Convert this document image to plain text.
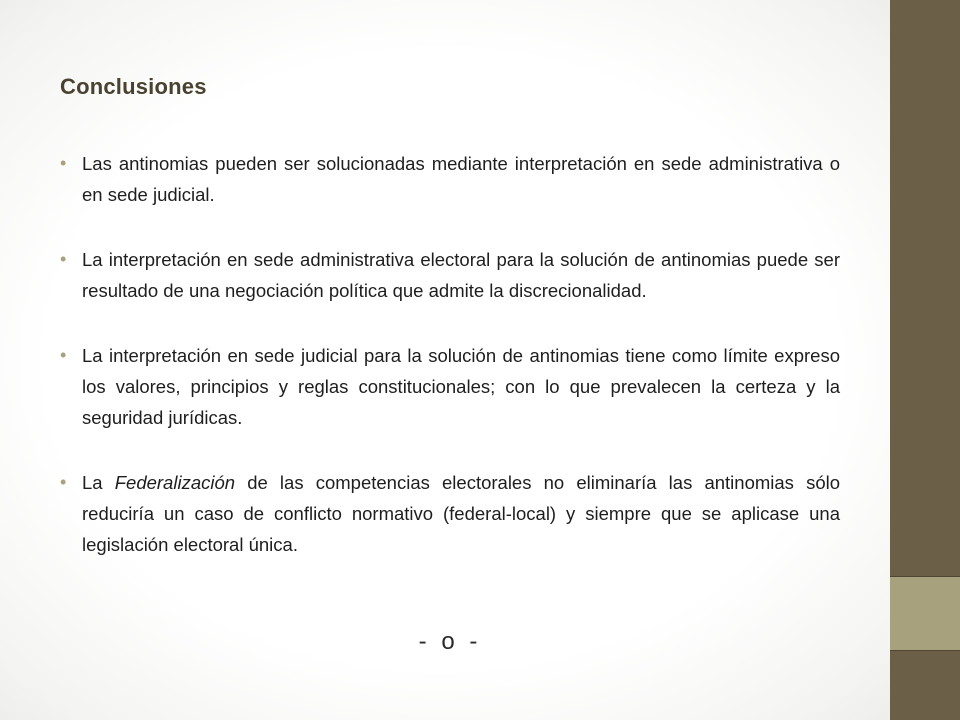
Conclusiones
• Las antinomias pueden ser solucionadas mediante interpretación en sede administrativa o en sede judicial.
• La interpretación en sede administrativa electoral para la solución de antinomias puede ser resultado de una negociación política que admite la discrecionalidad.
• La interpretación en sede judicial para la solución de antinomias tiene como límite expreso los valores, principios y reglas constitucionales; con lo que prevalecen la certeza y la seguridad jurídicas.
• La Federalización de las competencias electorales no eliminaría las antinomias sólo reduciría un caso de conflicto normativo (federal-local) y siempre que se aplicase una legislación electoral única.
- o -
